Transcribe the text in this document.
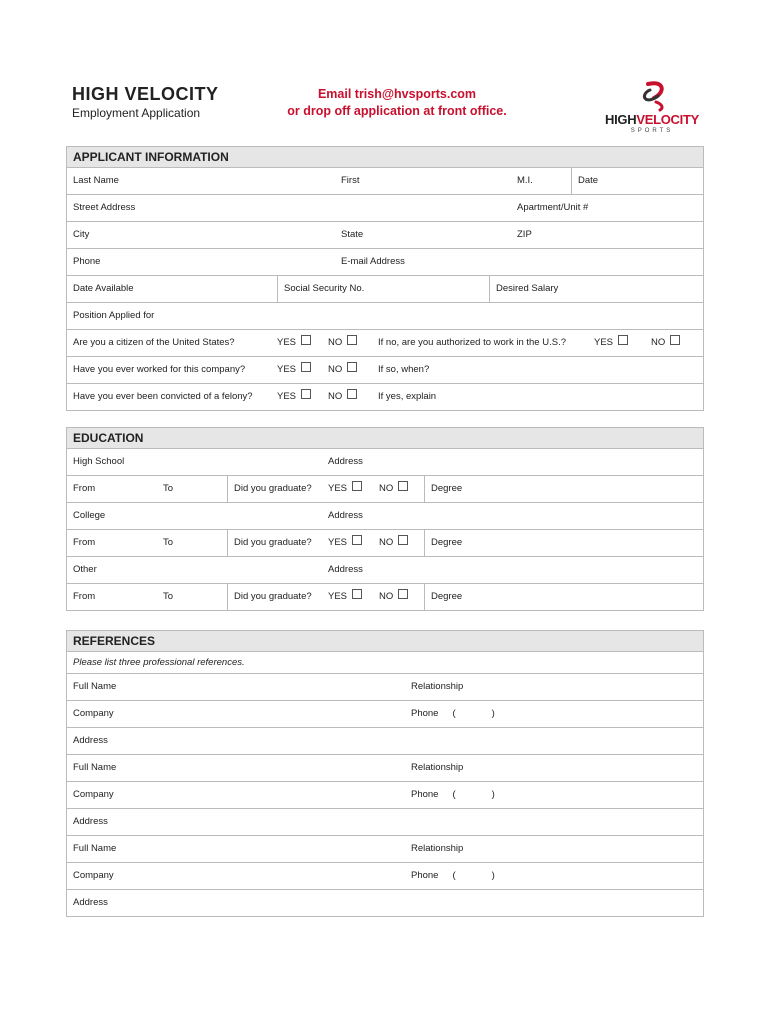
HIGH VELOCITY
Employment Application
Email trish@hvsports.com
or drop off application at front office.
HIGHVELOCITY
SPORTS
APPLICANT INFORMATION
Last Name	First	M.I.	Date
Street Address	Apartment/Unit #
City	State	ZIP
Phone	E-mail Address
Date Available	Social Security No.	Desired Salary
Position Applied for
Are you a citizen of the United States?	YES	NO	If no, are you authorized to work in the U.S.?	YES	NO
Have you ever worked for this company?	YES	NO	If so, when?
Have you ever been convicted of a felony?	YES	NO	If yes, explain
EDUCATION
High School	Address
From	To	Did you graduate?	YES	NO	Degree
College	Address
From	To	Did you graduate?	YES	NO	Degree
Other	Address
From	To	Did you graduate?	YES	NO	Degree
REFERENCES
Please list three professional references.
Full Name	Relationship
Company	Phone (	)
Address
Full Name	Relationship
Company	Phone (	)
Address
Full Name	Relationship
Company	Phone (	)
Address
